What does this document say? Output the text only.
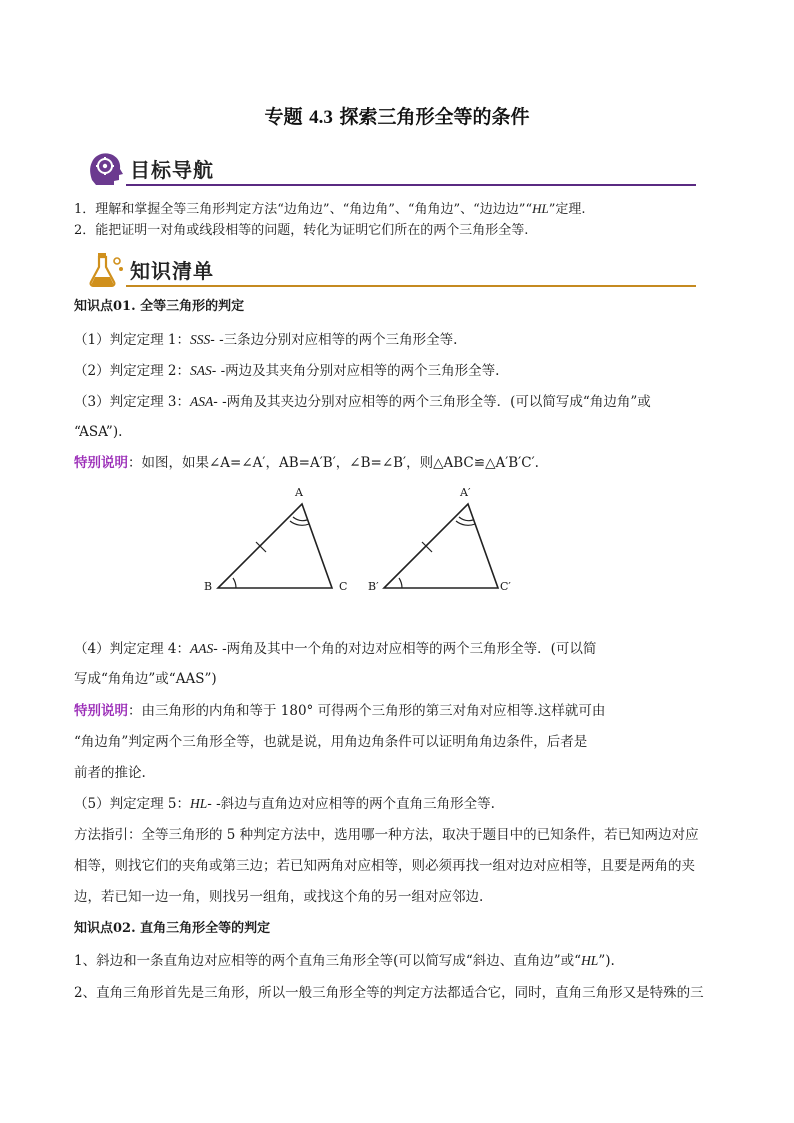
专题 4.3 探索三角形全等的条件
目标导航
1．理解和掌握全等三角形判定方法“边角边”、“角边角”、“角角边”、“边边边”“HL”定理.
2．能把证明一对角或线段相等的问题，转化为证明它们所在的两个三角形全等.
知识清单
知识点01. 全等三角形的判定
（1）判定定理 1：SSS- -三条边分别对应相等的两个三角形全等.
（2）判定定理 2：SAS- -两边及其夹角分别对应相等的两个三角形全等.
（3）判定定理 3：ASA- -两角及其夹边分别对应相等的两个三角形全等．(可以简写成“角边角”或
“ASA”).
特别说明：如图，如果∠A=∠A′，AB=A′B′，∠B=∠B′，则△ABC≌△A′B′C′.
A
B	C
A′
B′	C′
（4）判定定理 4：AAS- -两角及其中一个角的对边对应相等的两个三角形全等．(可以简
写成“角角边”或“AAS”)
特别说明：由三角形的内角和等于 180° 可得两个三角形的第三对角对应相等.这样就可由
“角边角”判定两个三角形全等，也就是说，用角边角条件可以证明角角边条件，后者是
前者的推论.
（5）判定定理 5：HL- -斜边与直角边对应相等的两个直角三角形全等.
方法指引：全等三角形的 5 种判定方法中，选用哪一种方法，取决于题目中的已知条件，若已知两边对应
相等，则找它们的夹角或第三边；若已知两角对应相等，则必须再找一组对边对应相等，且要是两角的夹
边，若已知一边一角，则找另一组角，或找这个角的另一组对应邻边.
知识点02. 直角三角形全等的判定
1、斜边和一条直角边对应相等的两个直角三角形全等(可以简写成“斜边、直角边”或“HL”).
2、直角三角形首先是三角形，所以一般三角形全等的判定方法都适合它，同时，直角三角形又是特殊的三
